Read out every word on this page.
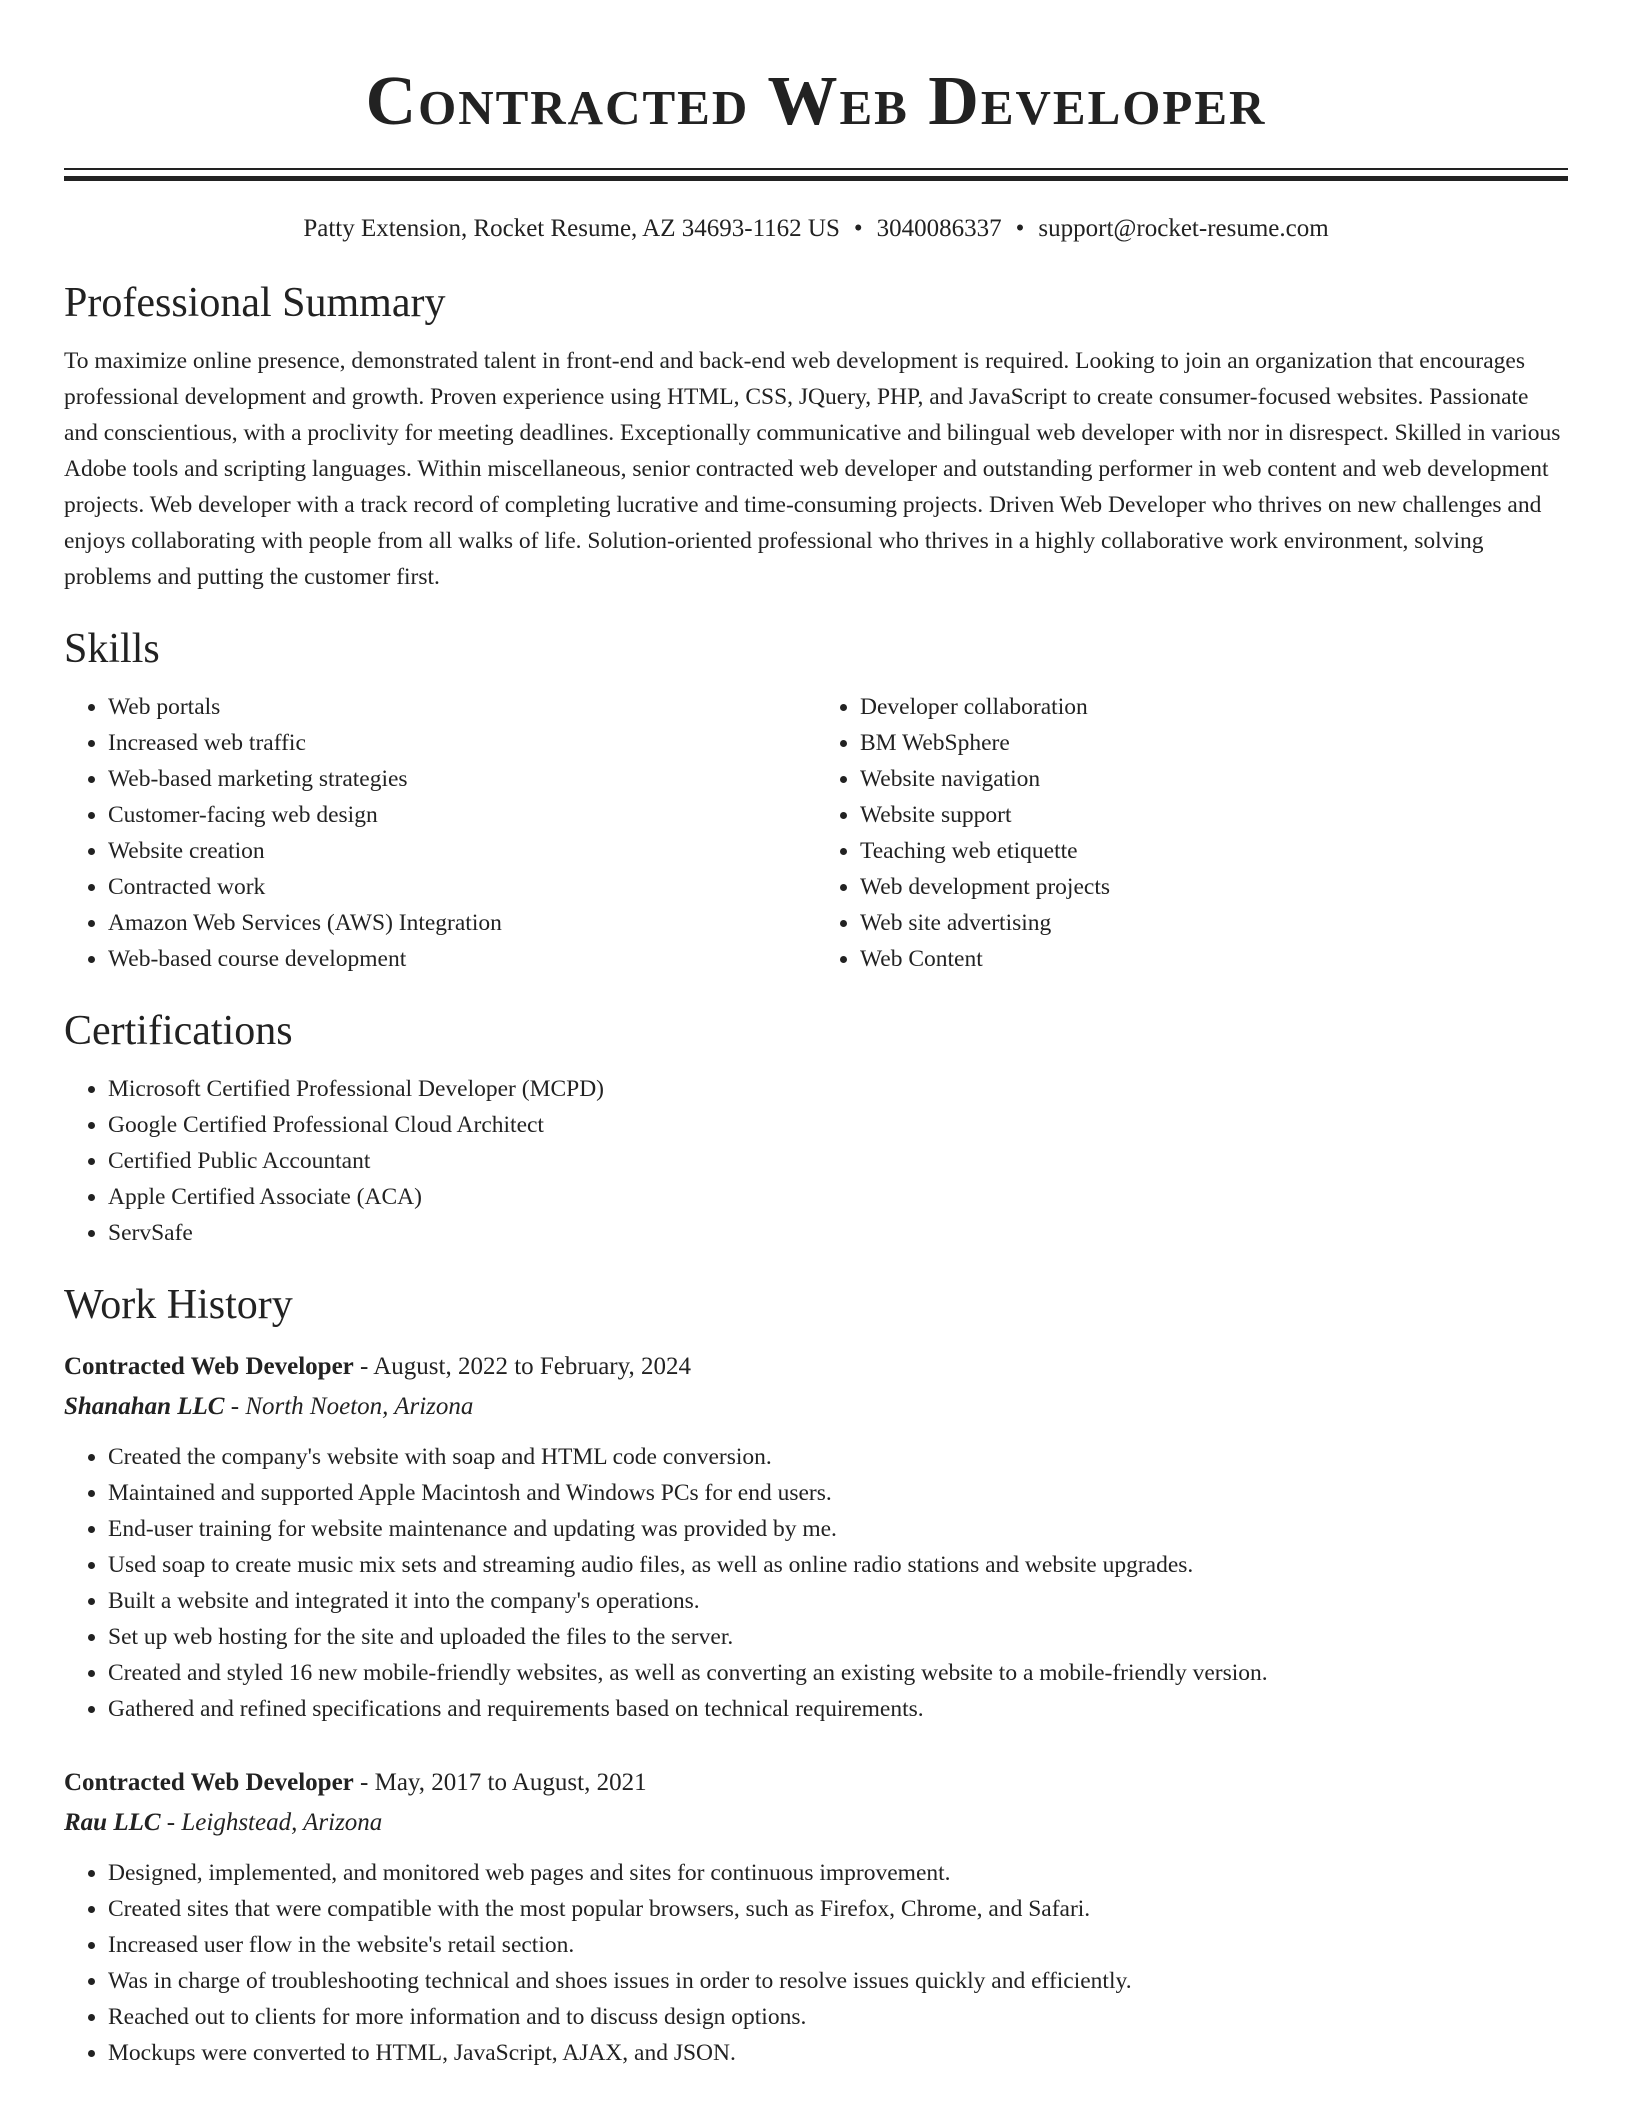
Contracted Web Developer
Patty Extension, Rocket Resume, AZ 34693-1162 US • 3040086337 • support@rocket-resume.com
Professional Summary
To maximize online presence, demonstrated talent in front-end and back-end web development is required. Looking to join an organization that encourages professional development and growth. Proven experience using HTML, CSS, JQuery, PHP, and JavaScript to create consumer-focused websites. Passionate and conscientious, with a proclivity for meeting deadlines. Exceptionally communicative and bilingual web developer with nor in disrespect. Skilled in various Adobe tools and scripting languages. Within miscellaneous, senior contracted web developer and outstanding performer in web content and web development projects. Web developer with a track record of completing lucrative and time-consuming projects. Driven Web Developer who thrives on new challenges and enjoys collaborating with people from all walks of life. Solution-oriented professional who thrives in a highly collaborative work environment, solving problems and putting the customer first.
Skills
• Web portals
• Increased web traffic
• Web-based marketing strategies
• Customer-facing web design
• Website creation
• Contracted work
• Amazon Web Services (AWS) Integration
• Web-based course development
• Developer collaboration
• BM WebSphere
• Website navigation
• Website support
• Teaching web etiquette
• Web development projects
• Web site advertising
• Web Content
Certifications
• Microsoft Certified Professional Developer (MCPD)
• Google Certified Professional Cloud Architect
• Certified Public Accountant
• Apple Certified Associate (ACA)
• ServSafe
Work History
Contracted Web Developer - August, 2022 to February, 2024
Shanahan LLC - North Noeton, Arizona
• Created the company's website with soap and HTML code conversion.
• Maintained and supported Apple Macintosh and Windows PCs for end users.
• End-user training for website maintenance and updating was provided by me.
• Used soap to create music mix sets and streaming audio files, as well as online radio stations and website upgrades.
• Built a website and integrated it into the company's operations.
• Set up web hosting for the site and uploaded the files to the server.
• Created and styled 16 new mobile-friendly websites, as well as converting an existing website to a mobile-friendly version.
• Gathered and refined specifications and requirements based on technical requirements.
Contracted Web Developer - May, 2017 to August, 2021
Rau LLC - Leighstead, Arizona
• Designed, implemented, and monitored web pages and sites for continuous improvement.
• Created sites that were compatible with the most popular browsers, such as Firefox, Chrome, and Safari.
• Increased user flow in the website's retail section.
• Was in charge of troubleshooting technical and shoes issues in order to resolve issues quickly and efficiently.
• Reached out to clients for more information and to discuss design options.
• Mockups were converted to HTML, JavaScript, AJAX, and JSON.
